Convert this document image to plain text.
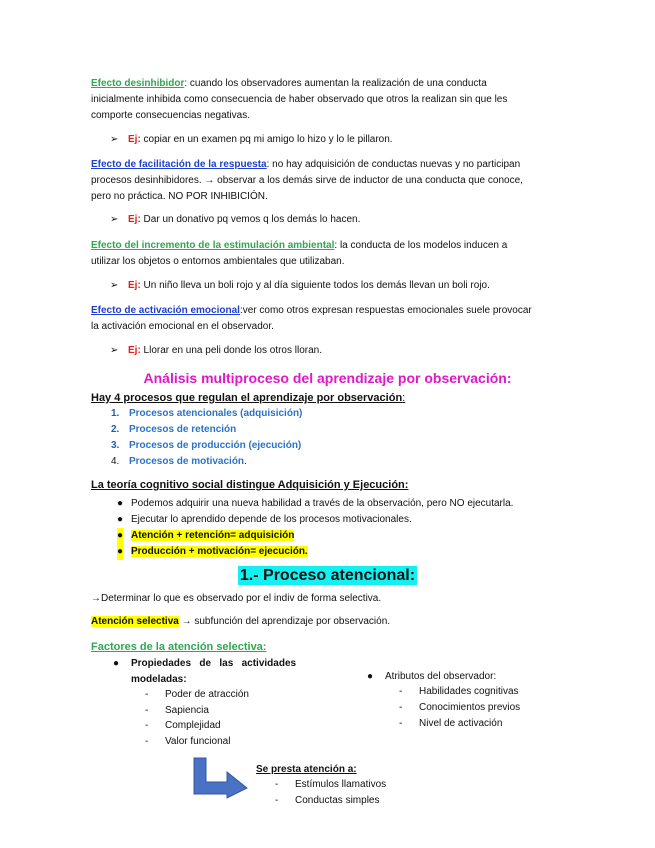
Efecto desinhibidor: cuando los observadores aumentan la realización de una conducta
inicialmente inhibida como consecuencia de haber observado que otros la realizan sin que les
comporte consecuencias negativas.
➢ Ej: copiar en un examen pq mi amigo lo hizo y lo le pillaron.
Efecto de facilitación de la respuesta: no hay adquisición de conductas nuevas y no participan
procesos desinhibidores. → observar a los demás sirve de inductor de una conducta que conoce,
pero no práctica. NO POR INHIBICIÓN.
➢ Ej: Dar un donativo pq vemos q los demás lo hacen.
Efecto del incremento de la estimulación ambiental: la conducta de los modelos inducen a
utilizar los objetos o entornos ambientales que utilizaban.
➢ Ej: Un niño lleva un boli rojo y al día siguiente todos los demás llevan un boli rojo.
Efecto de activación emocional:ver como otros expresan respuestas emocionales suele provocar
la activación emocional en el observador.
➢ Ej: Llorar en una peli donde los otros lloran.
Análisis multiproceso del aprendizaje por observación:
Hay 4 procesos que regulan el aprendizaje por observación:
1. Procesos atencionales (adquisición)
2. Procesos de retención
3. Procesos de producción (ejecución)
4. Procesos de motivación.
La teoría cognitivo social distingue Adquisición y Ejecución:
● Podemos adquirir una nueva habilidad a través de la observación, pero NO ejecutarla.
● Ejecutar lo aprendido depende de los procesos motivacionales.
● Atención + retención= adquisición
● Producción + motivación= ejecución.
1.- Proceso atencional:
→Determinar lo que es observado por el indiv de forma selectiva.
Atención selectiva → subfunción del aprendizaje por observación.
Factores de la atención selectiva:
● Propiedades   de   las   actividades
modeladas:
- Poder de atracción
- Sapiencia
- Complejidad
- Valor funcional
● Atributos del observador:
- Habilidades cognitivas
- Conocimientos previos
- Nivel de activación
Se presta atención a:
- Estímulos llamativos
- Conductas simples
